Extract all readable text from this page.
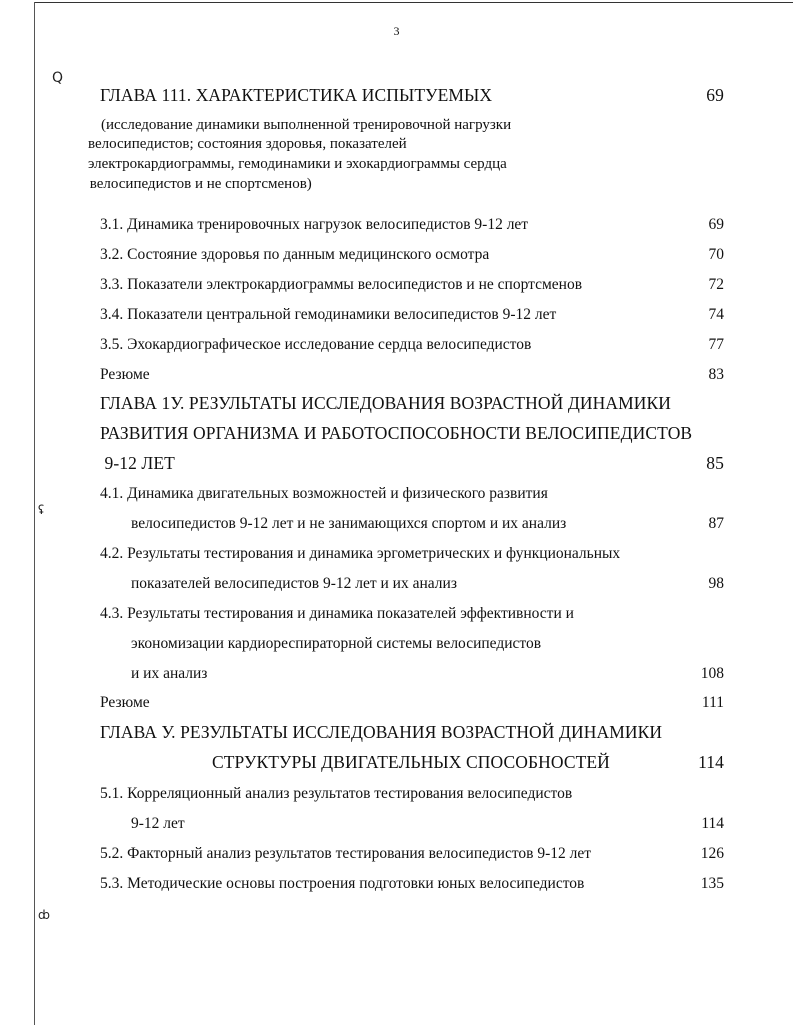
3
Q
ʢ
ȸ
ГЛАВА 111. ХАРАКТЕРИСТИКА ИСПЫТУЕМЫХ	69
(исследование динамики выполненной тренировочной нагрузки
велосипедистов; состояния здоровья, показателей
электрокардиограммы, гемодинамики и эхокардиограммы сердца
велосипедистов и не спортсменов)
3.1. Динамика тренировочных нагрузок велосипедистов 9-12 лет	69
3.2. Состояние здоровья по данным медицинского осмотра	70
3.3. Показатели электрокардиограммы велосипедистов и не спортсменов	72
3.4. Показатели центральной гемодинамики велосипедистов 9-12 лет	74
3.5. Эхокардиографическое исследование сердца велосипедистов	77
Резюме	83
ГЛАВА 1У. РЕЗУЛЬТАТЫ ИССЛЕДОВАНИЯ ВОЗРАСТНОЙ ДИНАМИКИ
РАЗВИТИЯ ОРГАНИЗМА И РАБОТОСПОСОБНОСТИ ВЕЛОСИПЕДИСТОВ
9-12 ЛЕТ	85
4.1. Динамика двигательных возможностей и физического развития
велосипедистов 9-12 лет и не занимающихся спортом и их анализ	87
4.2. Результаты тестирования и динамика эргометрических и функциональных
показателей велосипедистов 9-12 лет и их анализ	98
4.3. Результаты тестирования и динамика показателей эффективности и
экономизации кардиореспираторной системы велосипедистов
и их анализ	108
Резюме	111
ГЛАВА У. РЕЗУЛЬТАТЫ ИССЛЕДОВАНИЯ ВОЗРАСТНОЙ ДИНАМИКИ
СТРУКТУРЫ ДВИГАТЕЛЬНЫХ СПОСОБНОСТЕЙ	114
5.1. Корреляционный анализ результатов тестирования велосипедистов
9-12 лет	114
5.2. Факторный анализ результатов тестирования велосипедистов 9-12 лет	126
5.3. Методические основы построения подготовки юных велосипедистов	135
